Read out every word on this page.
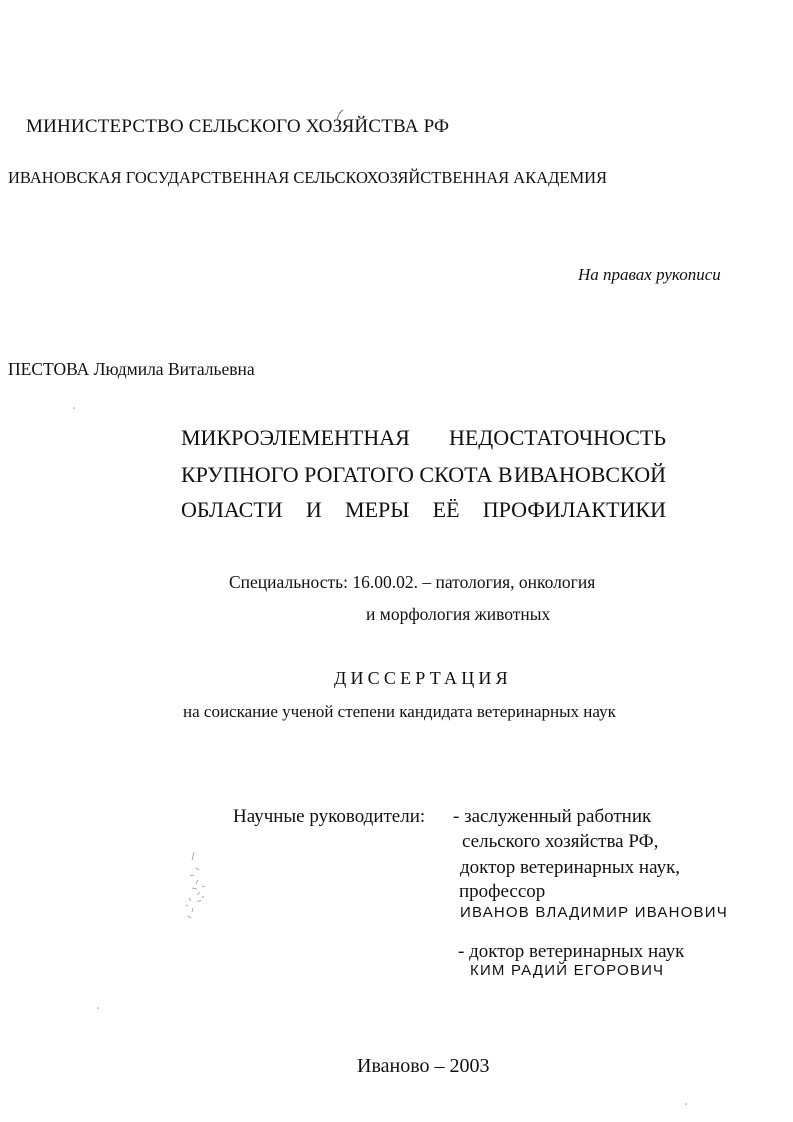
МИНИСТЕРСТВО СЕЛЬСКОГО ХОЗЯЙСТВА РФ
ИВАНОВСКАЯ ГОСУДАРСТВЕННАЯ СЕЛЬСКОХОЗЯЙСТВЕННАЯ АКАДЕМИЯ
На правах рукописи
ПЕСТОВА Людмила Витальевна
МИКРОЭЛЕМЕНТНАЯ НЕДОСТАТОЧНОСТЬ
КРУПНОГО РОГАТОГО СКОТА В ИВАНОВСКОЙ
ОБЛАСТИ И МЕРЫ ЕЁ ПРОФИЛАКТИКИ
Специальность: 16.00.02. – патология, онкология
и морфология животных
ДИССЕРТАЦИЯ
на соискание ученой степени кандидата ветеринарных наук
Научные руководители: - заслуженный работник
сельского хозяйства РФ,
доктор ветеринарных наук,
профессор
ИВАНОВ ВЛАДИМИР ИВАНОВИЧ
- доктор ветеринарных наук
КИМ РАДИЙ ЕГОРОВИЧ
Иваново – 2003
